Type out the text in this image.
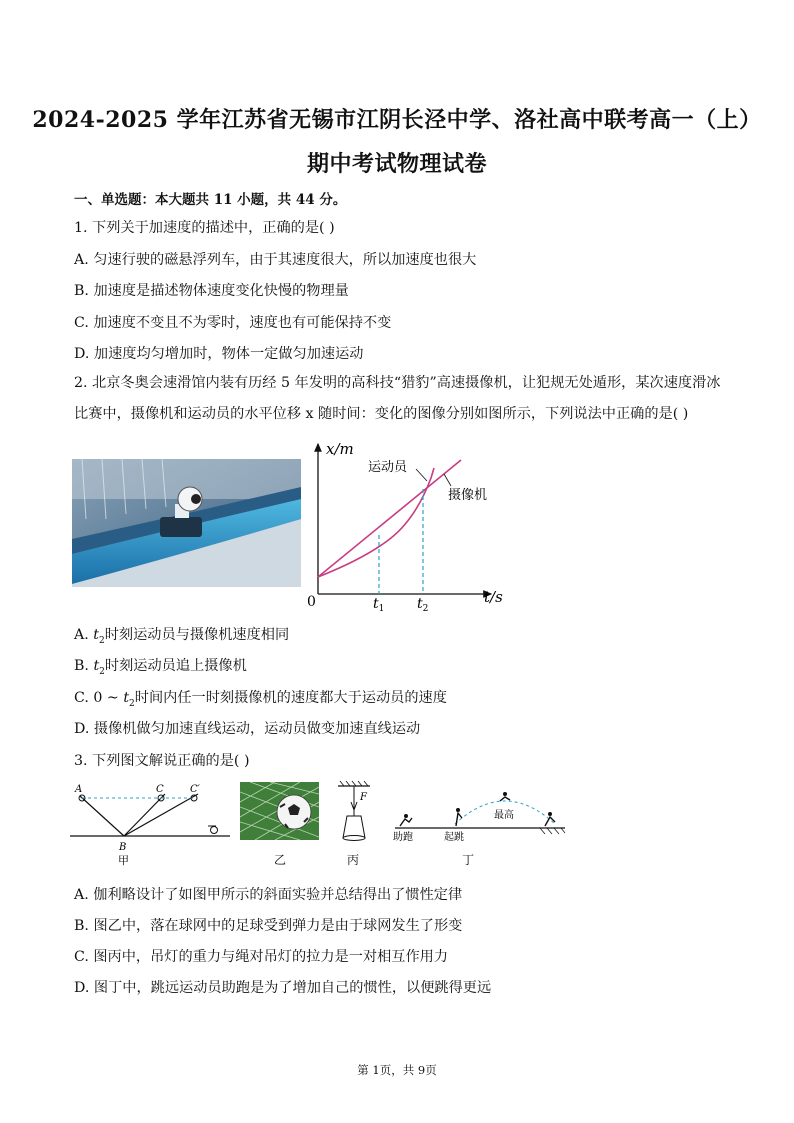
2024-2025 学年江苏省无锡市江阴长泾中学、洛社高中联考高一（上）
期中考试物理试卷
一、单选题：本大题共 11 小题，共 44 分。
1. 下列关于加速度的描述中，正确的是( )
A. 匀速行驶的磁悬浮列车，由于其速度很大，所以加速度也很大
B. 加速度是描述物体速度变化快慢的物理量
C. 加速度不变且不为零时，速度也有可能保持不变
D. 加速度均匀增加时，物体一定做匀加速运动
2. 北京冬奥会速滑馆内装有历经 5 年发明的高科技“猎豹”高速摄像机，让犯规无处遁形，某次速度滑冰比赛中，摄像机和运动员的水平位移 x 随时间：变化的图像分别如图所示，下列说法中正确的是( )
x/m
t/s
0
运动员
摄像机
$t_1$ $t_2$
A. $t_2$时刻运动员与摄像机速度相同
B. $t_2$时刻运动员追上摄像机
C. 0 ~ $t_2$时间内任一时刻摄像机的速度都大于运动员的速度
D. 摄像机做匀加速直线运动，运动员做变加速直线运动
3. 下列图文解说正确的是( )
A	C	C′
B
甲	乙
F
丙
助跑	起跳
最高
丁
A. 伽利略设计了如图甲所示的斜面实验并总结得出了惯性定律
B. 图乙中，落在球网中的足球受到弹力是由于球网发生了形变
C. 图丙中，吊灯的重力与绳对吊灯的拉力是一对相互作用力
D. 图丁中，跳远运动员助跑是为了增加自己的惯性，以便跳得更远
第 1页，共 9页
